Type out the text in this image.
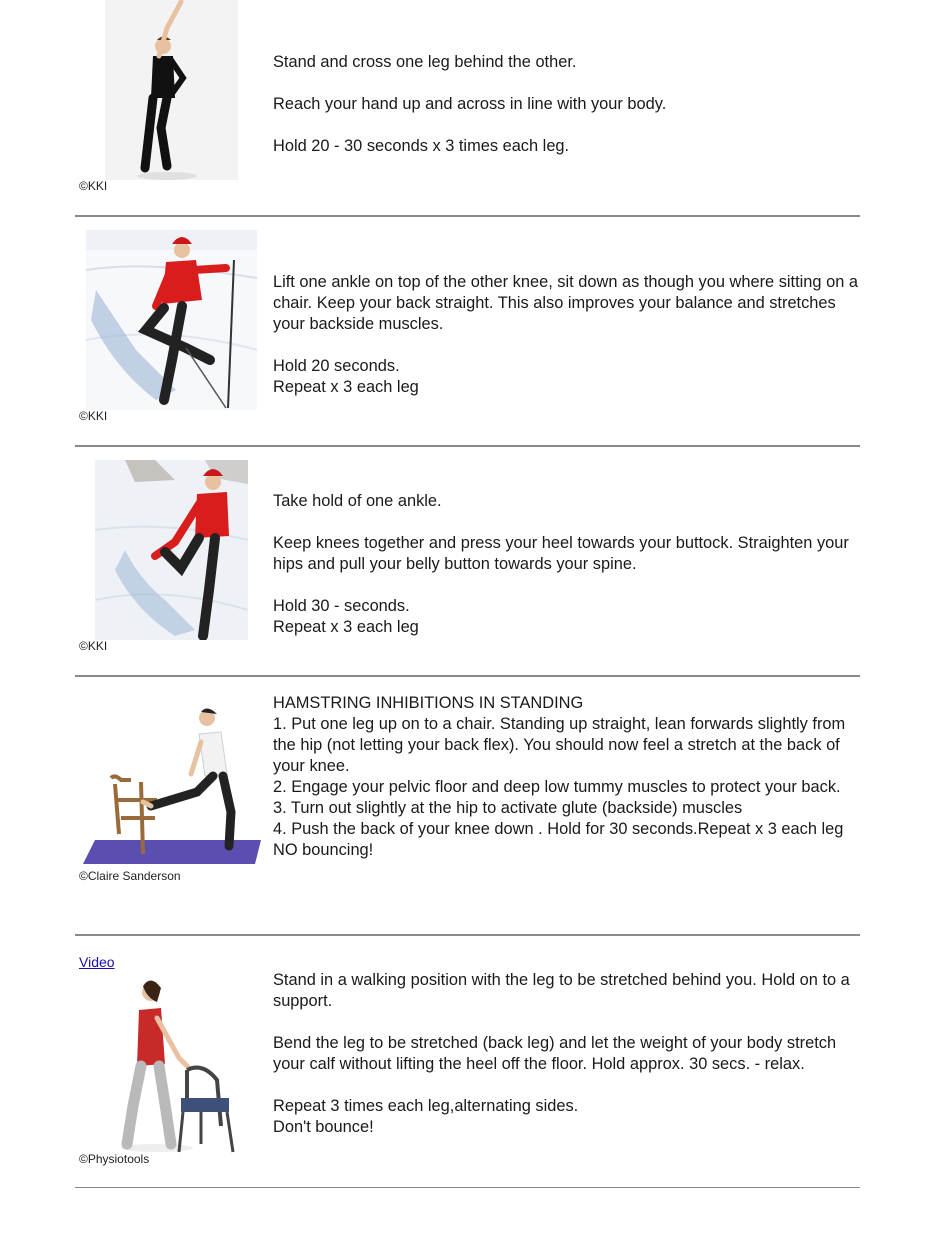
©KKI

Stand and cross one leg behind the other.

Reach your hand up and across in line with your body.

Hold 20 - 30 seconds x 3 times each leg.

©KKI

Lift one ankle on top of the other knee, sit down as though you where sitting on a chair. Keep your back straight. This also improves your balance and stretches your backside muscles.

Hold 20 seconds.

Repeat x 3 each leg

©KKI

Take hold of one ankle.

Keep knees together and press your heel towards your buttock. Straighten your hips and pull your belly button towards your spine.

Hold 30 - seconds.

Repeat x 3 each leg

©Claire Sanderson

HAMSTRING INHIBITIONS IN STANDING

1. Put one leg up on to a chair. Standing up straight, lean forwards slightly from the hip (not letting your back flex). You should now feel a stretch at the back of your knee.

2. Engage your pelvic floor and deep low tummy muscles to protect your back.

3. Turn out slightly at the hip to activate glute (backside) muscles

4. Push the back of your knee down . Hold for 30 seconds.Repeat x 3 each leg

NO bouncing!

Video
©Physiotools

Stand in a walking position with the leg to be stretched behind you. Hold on to a support.

Bend the leg to be stretched (back leg) and let the weight of your body stretch your calf without lifting the heel off the floor. Hold approx. 30 secs. - relax.

Repeat 3 times each leg,alternating sides.

Don't bounce!
